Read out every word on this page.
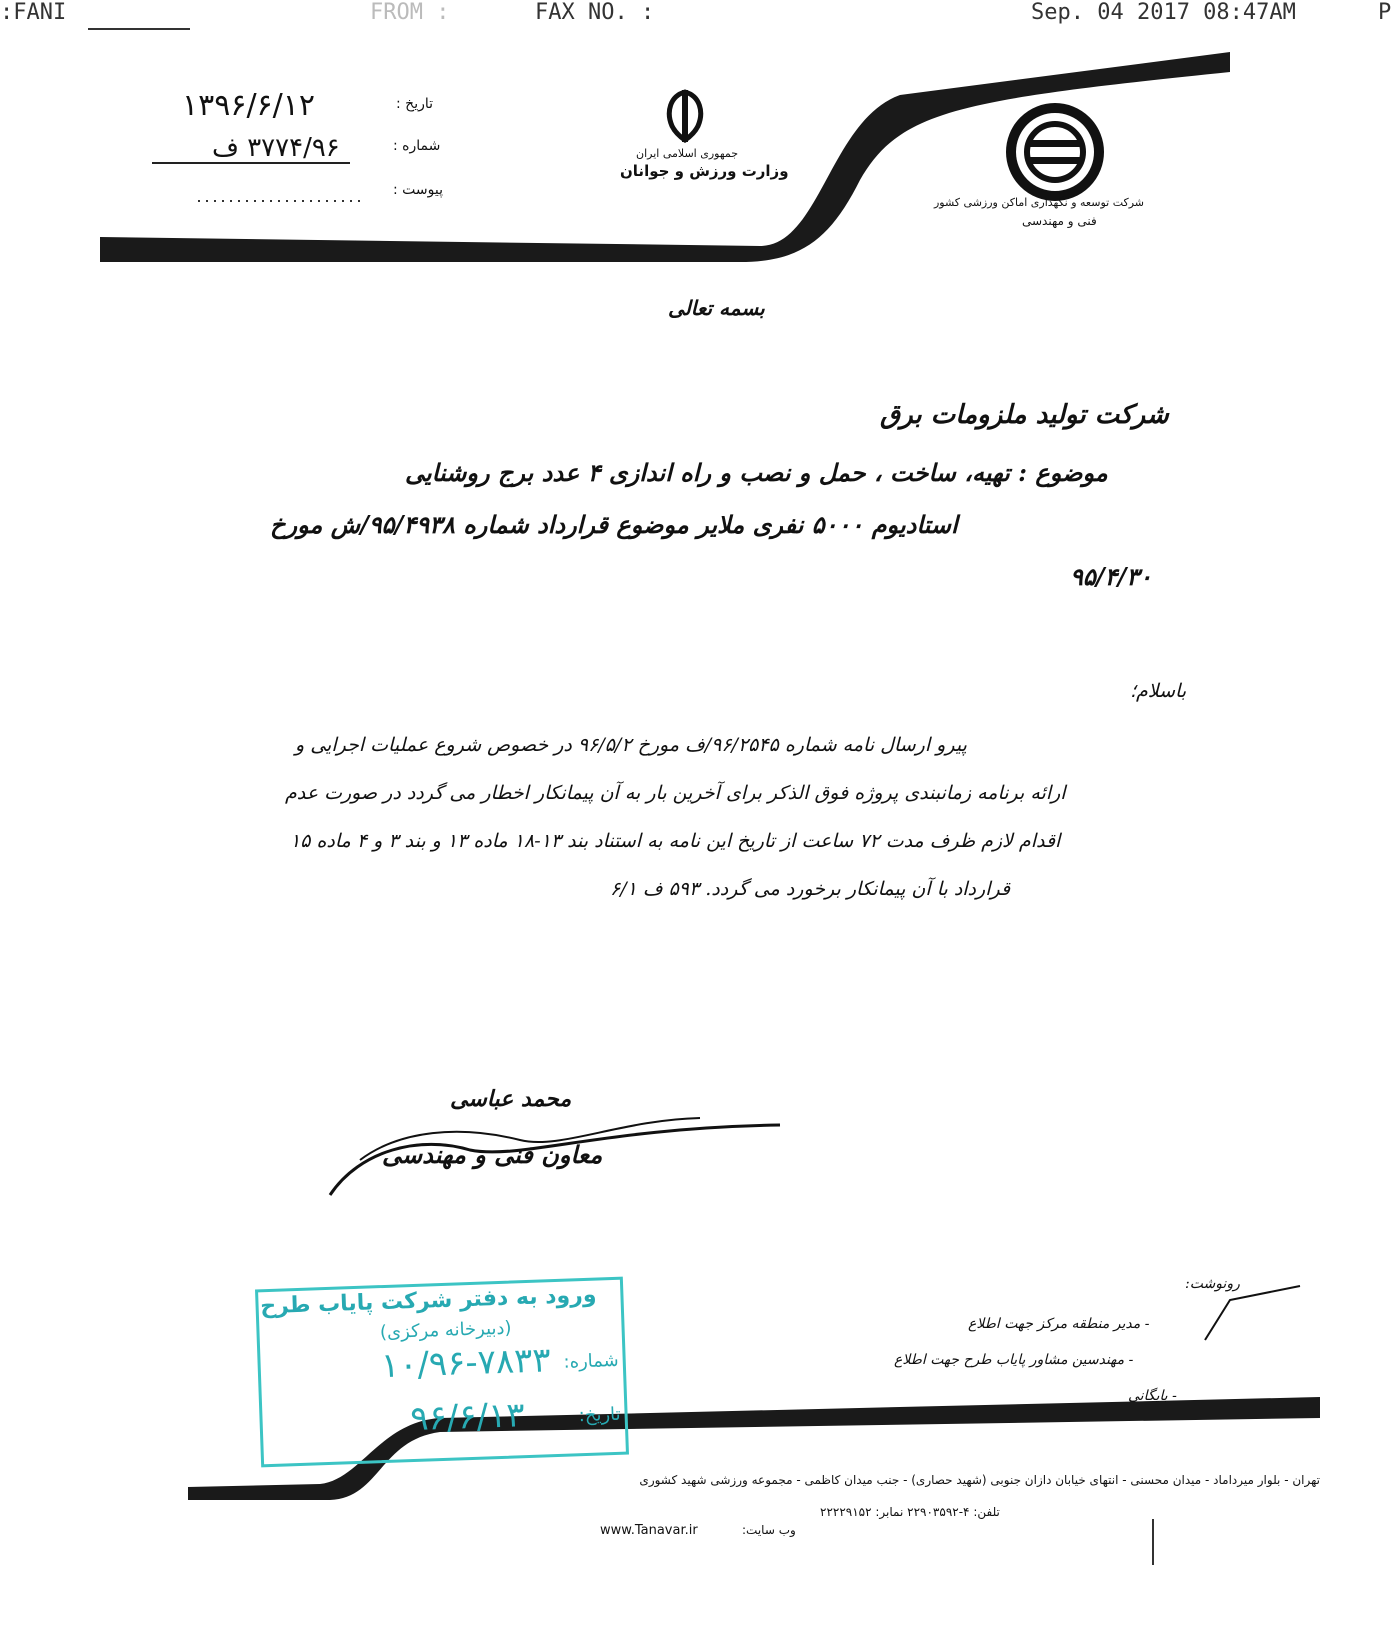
:FANI	FROM :	FAX NO. :	Sep. 04 2017 08:47AM	P
تاریخ :
۱۳۹۶/۶/۱۲
شماره :
۳۷۷۴/۹۶ ف
پیوست :
جمهوری اسلامی ایران
وزارت ورزش و جوانان
شرکت توسعه و نگهداری اماکن ورزشی کشور
فنی و مهندسی
بسمه تعالی
شرکت تولید ملزومات برق
موضوع : تهیه، ساخت ، حمل و نصب و راه اندازی ۴ عدد برج روشنایی
استادیوم ۵۰۰۰ نفری ملایر موضوع قرارداد شماره ۹۵/۴۹۳۸/ش مورخ
۹۵/۴/۳۰
باسلام؛
پیرو ارسال نامه شماره ۹۶/۲۵۴۵/ف مورخ ۹۶/۵/۲ در خصوص شروع عملیات اجرایی و
ارائه برنامه زمانبندی پروژه فوق الذکر برای آخرین بار به آن پیمانکار اخطار می گردد در صورت عدم
اقدام لازم ظرف مدت ۷۲ ساعت از تاریخ این نامه به استناد بند ۱۳-۱۸ ماده ۱۳ و بند ۳ و ۴ ماده ۱۵
قرارداد با آن پیمانکار برخورد می گردد. ۵۹۳ ف ۶/۱
محمد عباسی
معاون فنی و مهندسی
رونوشت:
- مدیر منطقه مرکز جهت اطلاع
- مهندسین مشاور پایاب طرح جهت اطلاع
- بایگانی
ورود به دفتر شرکت پایاب طرح
(دبیرخانه مرکزی)
شماره:
۱۰/۹۶-۷۸۳۳
تاریخ:
۹۶/۶/۱۳
تهران - بلوار میرداماد - میدان محسنی - انتهای خیابان دازان جنوبی (شهید حصاری) - جنب میدان کاظمی - مجموعه ورزشی شهید کشوری
تلفن: ۴-۲۲۹۰۳۵۹۲ نمابر: ۲۲۲۲۹۱۵۲
وب سایت:
www.Tanavar.ir
